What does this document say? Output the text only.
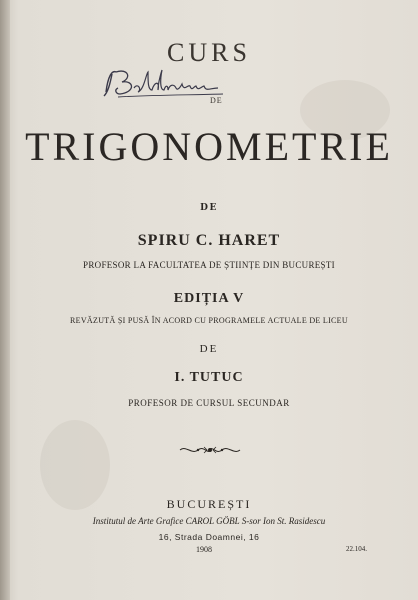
CURS
DE
TRIGONOMETRIE
DE
SPIRU C. HARET
PROFESOR LA FACULTATEA DE ȘTIINȚE DIN BUCUREȘTI
EDIȚIA V
REVĂZUTĂ ȘI PUSĂ ÎN ACORD CU PROGRAMELE ACTUALE DE LICEU
DE
I. TUTUC
PROFESOR DE CURSUL SECUNDAR
BUCUREȘTI
Institutul de Arte Grafice CAROL GÖBL S-sor Ion St. Rasidescu
16, Strada Doamnei, 16
1908	22.104.
